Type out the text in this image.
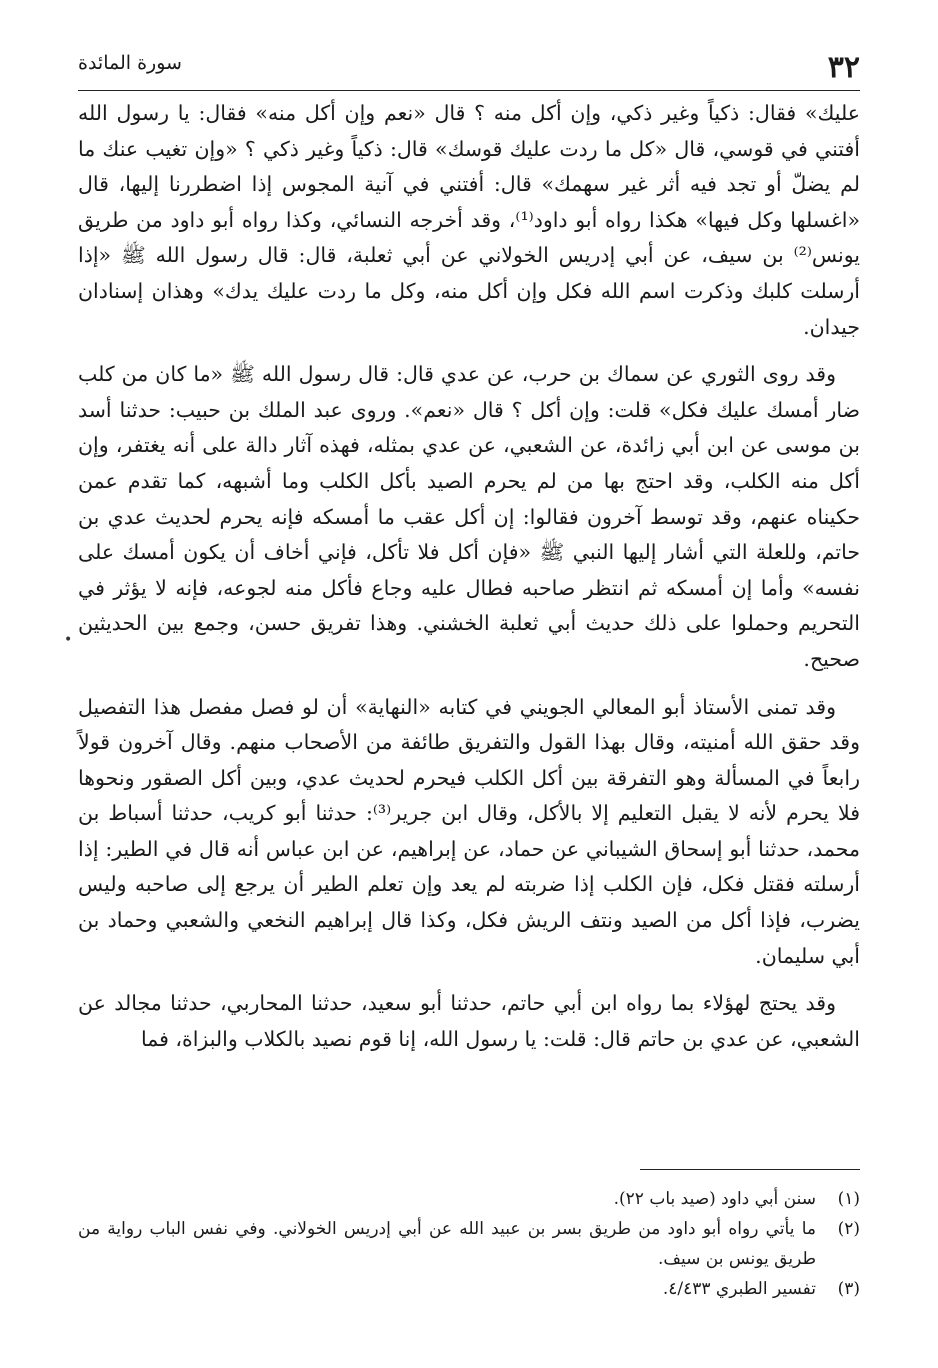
٣٢
سورة المائدة

عليك» فقال: ذكياً وغير ذكي، وإن أكل منه ؟ قال «نعم وإن أكل منه» فقال: يا رسول الله أفتني في قوسي، قال «كل ما ردت عليك قوسك» قال: ذكياً وغير ذكي ؟ «وإن تغيب عنك ما لم يضلّ أو تجد فيه أثر غير سهمك» قال: أفتني في آنية المجوس إذا اضطررنا إليها، قال «اغسلها وكل فيها» هكذا رواه أبو داود⁽¹⁾، وقد أخرجه النسائي، وكذا رواه أبو داود من طريق يونس⁽²⁾ بن سيف، عن أبي إدريس الخولاني عن أبي ثعلبة، قال: قال رسول الله ﷺ «إذا أرسلت كلبك وذكرت اسم الله فكل وإن أكل منه، وكل ما ردت عليك يدك» وهذان إسنادان جيدان.

وقد روى الثوري عن سماك بن حرب، عن عدي قال: قال رسول الله ﷺ «ما كان من كلب ضار أمسك عليك فكل» قلت: وإن أكل ؟ قال «نعم». وروى عبد الملك بن حبيب: حدثنا أسد بن موسى عن ابن أبي زائدة، عن الشعبي، عن عدي بمثله، فهذه آثار دالة على أنه يغتفر، وإن أكل منه الكلب، وقد احتج بها من لم يحرم الصيد بأكل الكلب وما أشبهه، كما تقدم عمن حكيناه عنهم، وقد توسط آخرون فقالوا: إن أكل عقب ما أمسكه فإنه يحرم لحديث عدي بن حاتم، وللعلة التي أشار إليها النبي ﷺ «فإن أكل فلا تأكل، فإني أخاف أن يكون أمسك على نفسه» وأما إن أمسكه ثم انتظر صاحبه فطال عليه وجاع فأكل منه لجوعه، فإنه لا يؤثر في التحريم وحملوا على ذلك حديث أبي ثعلبة الخشني. وهذا تفريق حسن، وجمع بين الحديثين صحيح.

وقد تمنى الأستاذ أبو المعالي الجويني في كتابه «النهاية» أن لو فصل مفصل هذا التفصيل وقد حقق الله أمنيته، وقال بهذا القول والتفريق طائفة من الأصحاب منهم. وقال آخرون قولاً رابعاً في المسألة وهو التفرقة بين أكل الكلب فيحرم لحديث عدي، وبين أكل الصقور ونحوها فلا يحرم لأنه لا يقبل التعليم إلا بالأكل، وقال ابن جرير⁽³⁾: حدثنا أبو كريب، حدثنا أسباط بن محمد، حدثنا أبو إسحاق الشيباني عن حماد، عن إبراهيم، عن ابن عباس أنه قال في الطير: إذا أرسلته فقتل فكل، فإن الكلب إذا ضربته لم يعد وإن تعلم الطير أن يرجع إلى صاحبه وليس يضرب، فإذا أكل من الصيد ونتف الريش فكل، وكذا قال إبراهيم النخعي والشعبي وحماد بن أبي سليمان.

وقد يحتج لهؤلاء بما رواه ابن أبي حاتم، حدثنا أبو سعيد، حدثنا المحاربي، حدثنا مجالد عن الشعبي، عن عدي بن حاتم قال: قلت: يا رسول الله، إنا قوم نصيد بالكلاب والبزاة، فما

•
(١)
سنن أبي داود (صيد باب ٢٢).
(٢)
ما يأتي رواه أبو داود من طريق بسر بن عبيد الله عن أبي إدريس الخولاني. وفي نفس الباب رواية من طريق يونس بن سيف.
(٣)
تفسير الطبري ٤/٤٣٣.
